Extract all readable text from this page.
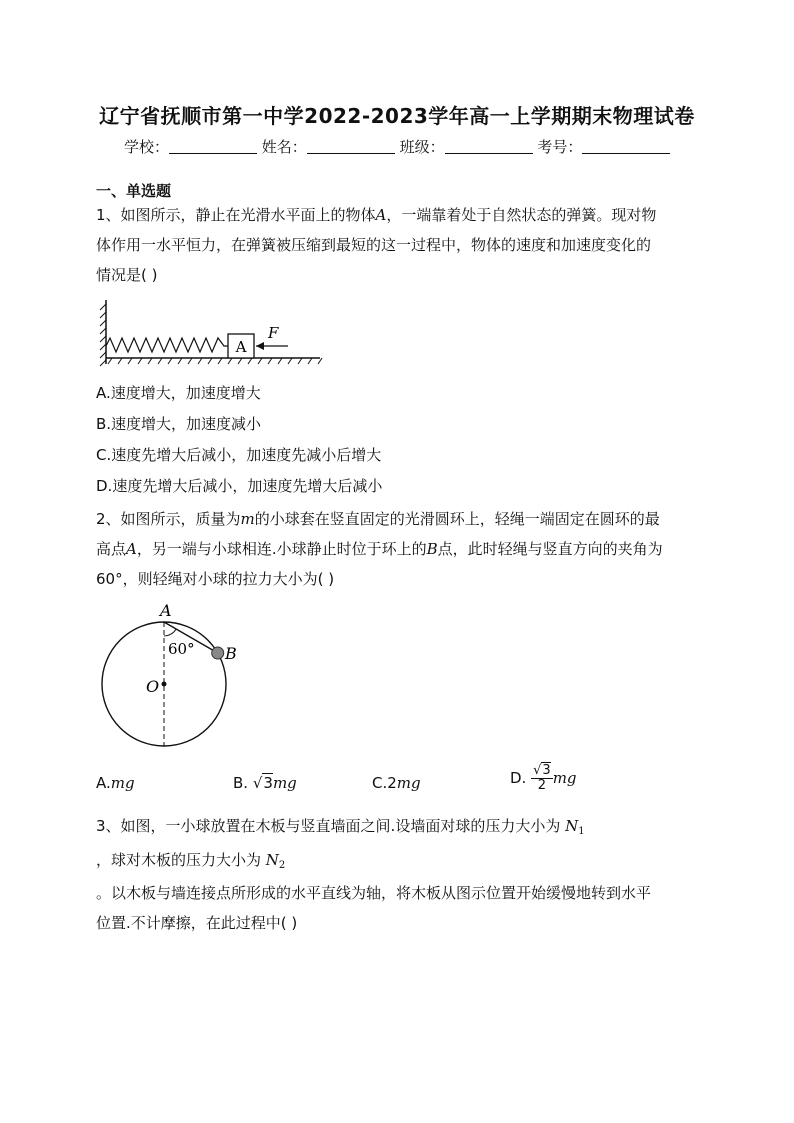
辽宁省抚顺市第一中学2022-2023学年高一上学期期末物理试卷
学校：	姓名：	班级：	考号：
一、单选题
1、如图所示，静止在光滑水平面上的物体A，一端靠着处于自然状态的弹簧。现对物
体作用一水平恒力，在弹簧被压缩到最短的这一过程中，物体的速度和加速度变化的
情况是( )
A
F
A.速度增大，加速度增大
B.速度增大，加速度减小
C.速度先增大后减小，加速度先减小后增大
D.速度先增大后减小，加速度先增大后减小
2、如图所示，质量为m的小球套在竖直固定的光滑圆环上，轻绳一端固定在圆环的最
高点A，另一端与小球相连.小球静止时位于环上的B点，此时轻绳与竖直方向的夹角为
60°，则轻绳对小球的拉力大小为( )
A
B
O
60°
A.mg	B. √3mg	C.2mg	D. $\frac{√3}{2}$ mg
3、如图，一小球放置在木板与竖直墙面之间.设墙面对球的压力大小为 $N_1$
，球对木板的压力大小为 $N_2$
。以木板与墙连接点所形成的水平直线为轴，将木板从图示位置开始缓慢地转到水平
位置.不计摩擦，在此过程中( )
